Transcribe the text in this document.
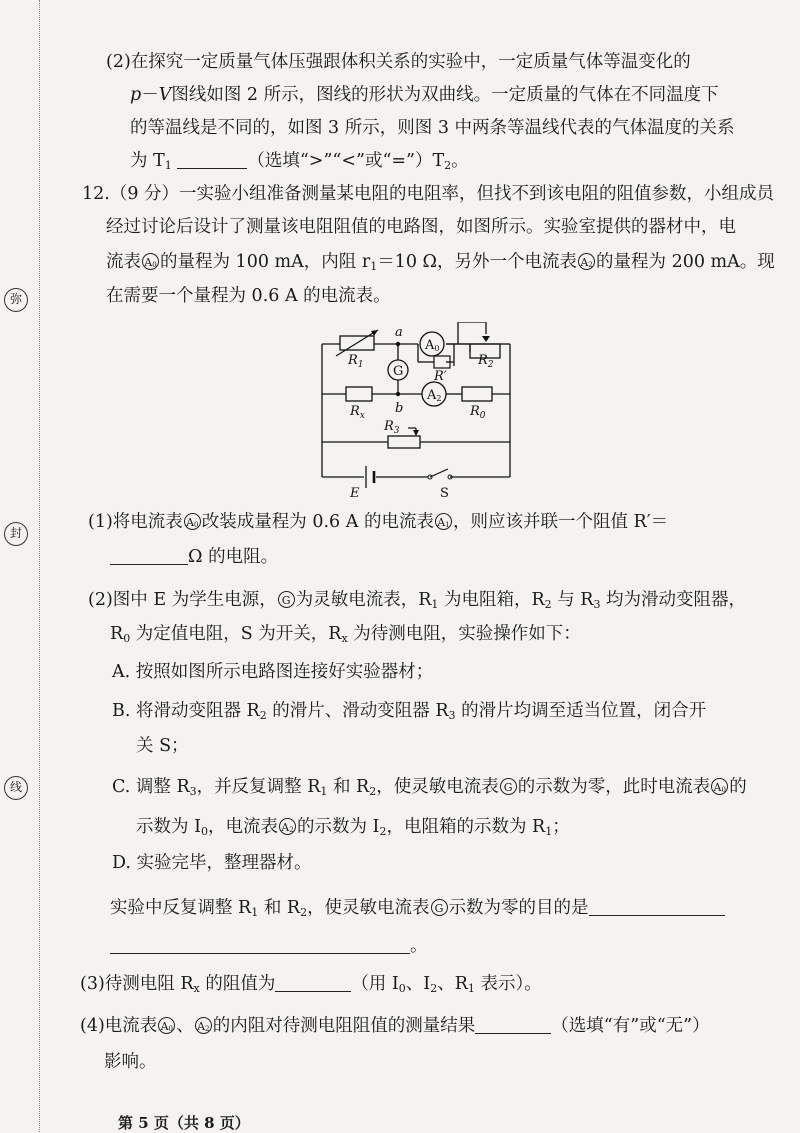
弥
封
线
(2)在探究一定质量气体压强跟体积关系的实验中，一定质量气体等温变化的
p－V图线如图 2 所示，图线的形状为双曲线。一定质量的气体在不同温度下
的等温线是不同的，如图 3 所示，则图 3 中两条等温线代表的气体温度的关系
为 $T_1$	（选填“>”“<”或“$=”)T_2$。
12.（9 分）一实验小组准备测量某电阻的电阻率，但找不到该电阻的阻值参数，小组成员
经过讨论后设计了测量该电阻阻值的电路图，如图所示。实验室提供的器材中，电
流表 $A_0$ 的量程为 100 mA，内阻 $r_1=10$ Ω，另外一个电流表 $A_2$ 的量程为 200 mA。现
在需要一个量程为 0.6 A 的电流表。
a
b
$R_1$	$R_2$
R′
G
A0
A2
$R_x$	$R_0$
$R_3$
E	S
(1)将电流表 $A_0$ 改装成量程为 0.6 A 的电流表 $A_1$ ，则应该并联一个阻值 R′＝
Ω 的电阻。
(2)图中 E 为学生电源， G 为灵敏电流表，$R_1$ 为电阻箱，$R_2$ 与 $R_3$ 均为滑动变阻器，
$R_0$ 为定值电阻，S 为开关，$R_x$ 为待测电阻，实验操作如下：
A. 按照如图所示电路图连接好实验器材；
B. 将滑动变阻器 $R_2$ 的滑片、滑动变阻器 $R_3$ 的滑片均调至适当位置，闭合开
关 S；
C. 调整 $R_3$，并反复调整 $R_1$ 和 $R_2$，使灵敏电流表 G 的示数为零，此时电流表 $A_0$ 的
示数为 $I_0$，电流表 $A_2$ 的示数为 $I_2$，电阻箱的示数为 $R_1$；
D. 实验完毕，整理器材。
实验中反复调整 $R_1$ 和 $R_2$，使灵敏电流表 G 示数为零的目的是
。
(3)待测电阻 $R_x$ 的阻值为	（用 $I_0$、$I_2$、$R_1$ 表示）。
(4)电流表 $A_0$ 、 $A_2$ 的内阻对待测电阻阻值的测量结果	（选填“有”或“无”）
影响。
第 5 页（共 8 页）
